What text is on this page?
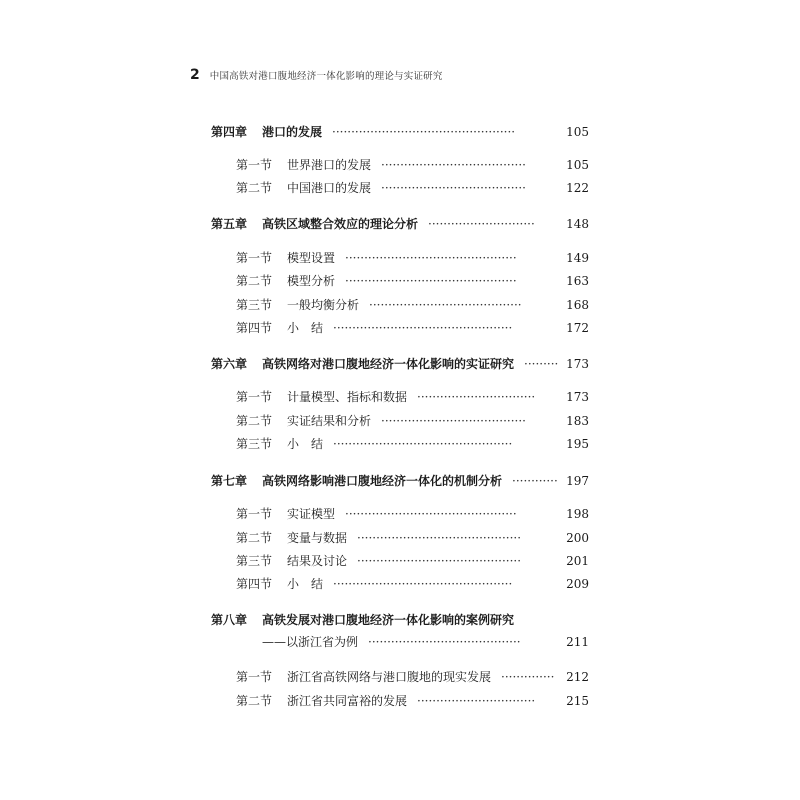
2 中国高铁对港口腹地经济一体化影响的理论与实证研究
第四章 港口的发展 ················································	105
第一节 世界港口的发展 ······································	105
第二节 中国港口的发展 ······································	122
第五章 高铁区域整合效应的理论分析 ····························	148
第一节 模型设置 ·············································	149
第二节 模型分析 ·············································	163
第三节 一般均衡分析 ········································	168
第四节 小　结 ···············································	172
第六章 高铁网络对港口腹地经济一体化影响的实证研究 ········· 173
第一节 计量模型、指标和数据 ·······························	173
第二节 实证结果和分析 ······································	183
第三节 小　结 ···············································	195
第七章 高铁网络影响港口腹地经济一体化的机制分析 ············ 197
第一节 实证模型 ·············································	198
第二节 变量与数据 ···········································	200
第三节 结果及讨论 ···········································	201
第四节 小　结 ···············································	209
第八章 高铁发展对港口腹地经济一体化影响的案例研究
——以浙江省为例 ········································	211
第一节 浙江省高铁网络与港口腹地的现实发展 ·············· 212
第二节 浙江省共同富裕的发展 ·······························	215
